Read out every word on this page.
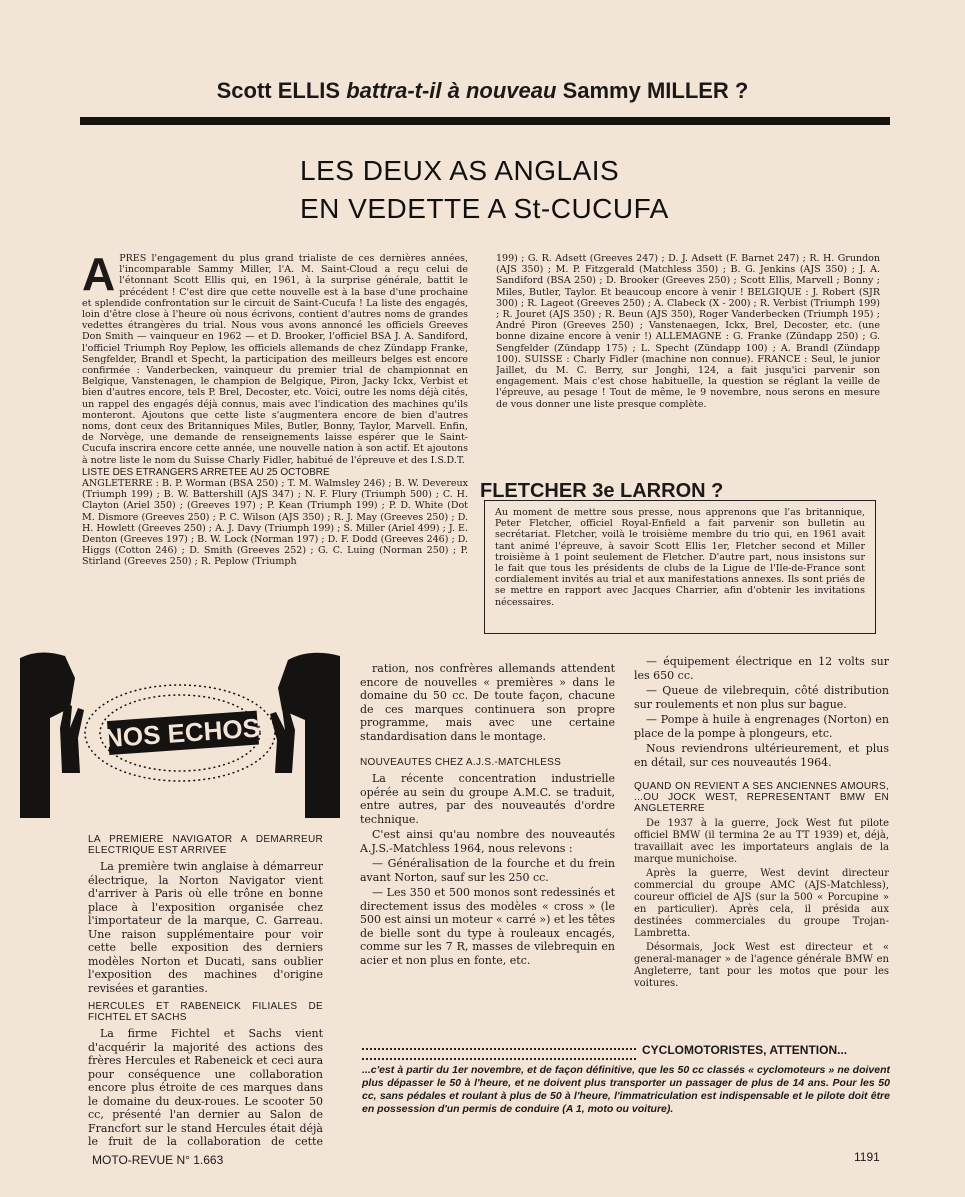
Scott ELLIS battra-t-il à nouveau Sammy MILLER ?
LES DEUX AS ANGLAIS
EN VEDETTE A St-CUCUFA
A PRES l'engagement du plus grand trialiste de ces dernières années, l'incomparable Sammy Miller, l'A. M. Saint-Cloud a reçu celui de l'étonnant Scott Ellis qui, en 1961, à la surprise générale, battit le précédent ! C'est dire que cette nouvelle est à la base d'une prochaine et splendide confrontation sur le circuit de Saint-Cucufa ! La liste des engagés, loin d'être close à l'heure où nous écrivons, contient d'autres noms de grandes vedettes étrangères du trial. Nous vous avons annoncé les officiels Greeves Don Smith — vainqueur en 1962 — et D. Brooker, l'officiel BSA J. A. Sandiford, l'officiel Triumph Roy Peplow, les officiels allemands de chez Zündapp Franke, Sengfelder, Brandl et Specht, la participation des meilleurs belges est encore confirmée : Vanderbecken, vainqueur du premier trial de championnat en Belgique, Vanstenagen, le champion de Belgique, Piron, Jacky Ickx, Verbist et bien d'autres encore, tels P. Brel, Decoster, etc. Voici, outre les noms déjà cités, un rappel des engagés déjà connus, mais avec l'indication des machines qu'ils monteront. Ajoutons que cette liste s'augmentera encore de bien d'autres noms, dont ceux des Britanniques Miles, Butler, Bonny, Taylor, Marvell. Enfin, de Norvège, une demande de renseignements laisse espérer que le Saint-Cucufa inscrira encore cette année, une nouvelle nation à son actif. Et ajoutons à notre liste le nom du Suisse Charly Fidler, habitué de l'épreuve et des I.S.D.T.

LISTE DES ETRANGERS ARRETEE AU 25 OCTOBRE

ANGLETERRE : B. P. Worman (BSA 250) ; T. M. Walmsley 246) ; B. W. Devereux (Triumph 199) ; B. W. Battershill (AJS 347) ; N. F. Flury (Triumph 500) ; C. H. Clayton (Ariel 350) ; (Greeves 197) ; P. Kean (Triumph 199) ; P. D. White (Dot M. Dismore (Greeves 250) ; P. C. Wilson (AJS 350) ; R. J. May (Greeves 250) ; D. H. Howlett (Greeves 250) ; A. J. Davy (Triumph 199) ; S. Miller (Ariel 499) ; J. E. Denton (Greeves 197) ; B. W. Lock (Norman 197) ; D. F. Dodd (Greeves 246) ; D. Higgs (Cotton 246) ; D. Smith (Greeves 252) ; G. C. Luing (Norman 250) ; P. Stirland (Greeves 250) ; R. Peplow (Triumph

199) ; G. R. Adsett (Greeves 247) ; D. J. Adsett (F. Barnet 247) ; R. H. Grundon (AJS 350) ; M. P. Fitzgerald (Matchless 350) ; B. G. Jenkins (AJS 350) ; J. A. Sandiford (BSA 250) ; D. Brooker (Greeves 250) ; Scott Ellis, Marvell ; Bonny ; Miles, Butler, Taylor. Et beaucoup encore à venir ! BELGIQUE : J. Robert (SJR 300) ; R. Lageot (Greeves 250) ; A. Clabeck (X - 200) ; R. Verbist (Triumph 199) ; R. Jouret (AJS 350) ; R. Beun (AJS 350), Roger Vanderbecken (Triumph 195) ; André Piron (Greeves 250) ; Vanstenaegen, Ickx, Brel, Decoster, etc. (une bonne dizaine encore à venir !) ALLEMAGNE : G. Franke (Zündapp 250) ; G. Sengfelder (Zündapp 175) ; L. Specht (Zündapp 100) ; A. Brandl (Zündapp 100). SUISSE : Charly Fidler (machine non connue). FRANCE : Seul, le junior Jaillet, du M. C. Berry, sur Jonghi, 124, a fait jusqu'ici parvenir son engagement. Mais c'est chose habituelle, la question se réglant la veille de l'épreuve, au pesage ! Tout de même, le 9 novembre, nous serons en mesure de vous donner une liste presque complète.

FLETCHER 3e LARRON ?

Au moment de mettre sous presse, nous apprenons que l'as britannique, Peter Fletcher, officiel Royal-Enfield a fait parvenir son bulletin au secrétariat. Fletcher, voilà le troisième membre du trio qui, en 1961 avait tant animé l'épreuve, à savoir Scott Ellis 1er, Fletcher second et Miller troisième à 1 point seulement de Fletcher. D'autre part, nous insistons sur le fait que tous les présidents de clubs de la Ligue de l'Ile-de-France sont cordialement invités au trial et aux manifestations annexes. Ils sont priés de se mettre en rapport avec Jacques Charrier, afin d'obtenir les invitations nécessaires.

NOS ECHOS
LA PREMIERE NAVIGATOR A DEMARREUR ELECTRIQUE EST ARRIVEE

La première twin anglaise à démarreur électrique, la Norton Navigator vient d'arriver à Paris où elle trône en bonne place à l'exposition organisée chez l'importateur de la marque, C. Garreau. Une raison supplémentaire pour voir cette belle exposition des derniers modèles Norton et Ducati, sans oublier l'exposition des machines d'origine revisées et garanties.

HERCULES ET RABENEICK FILIALES DE FICHTEL ET SACHS

La firme Fichtel et Sachs vient d'acquérir la majorité des actions des frères Hercules et Rabeneick et ceci aura pour conséquence une collaboration encore plus étroite de ces marques dans le domaine du deux-roues. Le scooter 50 cc, présenté l'an dernier au Salon de Francfort sur le stand Hercules était déjà le fruit de la collaboration de cette

ration, nos confrères allemands attendent encore de nouvelles « premières » dans le domaine du 50 cc. De toute façon, chacune de ces marques continuera son propre programme, mais avec une certaine standardisation dans le montage.

NOUVEAUTES CHEZ A.J.S.-MATCHLESS

La récente concentration industrielle opérée au sein du groupe A.M.C. se traduit, entre autres, par des nouveautés d'ordre technique.

C'est ainsi qu'au nombre des nouveautés A.J.S.-Matchless 1964, nous relevons :

— Généralisation de la fourche et du frein avant Norton, sauf sur les 250 cc.

— Les 350 et 500 monos sont redessinés et directement issus des modèles « cross » (le 500 est ainsi un moteur « carré ») et les têtes de bielle sont du type à rouleaux encagés, comme sur les 7 R, masses de vilebrequin en acier et non plus en fonte, etc.

— équipement électrique en 12 volts sur les 650 cc.

— Queue de vilebrequin, côté distribution sur roulements et non plus sur bague.

— Pompe à huile à engrenages (Norton) en place de la pompe à plongeurs, etc.

Nous reviendrons ultérieurement, et plus en détail, sur ces nouveautés 1964.

QUAND ON REVIENT A SES ANCIENNES AMOURS, ...OU JOCK WEST, REPRESENTANT BMW EN ANGLETERRE

De 1937 à la guerre, Jock West fut pilote officiel BMW (il termina 2e au TT 1939) et, déjà, travaillait avec les importateurs anglais de la marque munichoise.

Après la guerre, West devint directeur commercial du groupe AMC (AJS-Matchless), coureur officiel de AJS (sur la 500 « Porcupine » en particulier). Après cela, il présida aux destinées commerciales du groupe Trojan-Lambretta.

Désormais, Jock West est directeur et « general-manager » de l'agence générale BMW en Angleterre, tant pour les motos que pour les voitures.

CYCLOMOTORISTES, ATTENTION...
...c'est à partir du 1er novembre, et de façon définitive, que les 50 cc classés « cyclomoteurs » ne doivent plus dépasser le 50 à l'heure, et ne doivent plus transporter un passager de plus de 14 ans. Pour les 50 cc, sans pédales et roulant à plus de 50 à l'heure, l'immatriculation est indispensable et le pilote doit être en possession d'un permis de conduire (A 1, moto ou voiture).
MOTO-REVUE N° 1.663	1191
